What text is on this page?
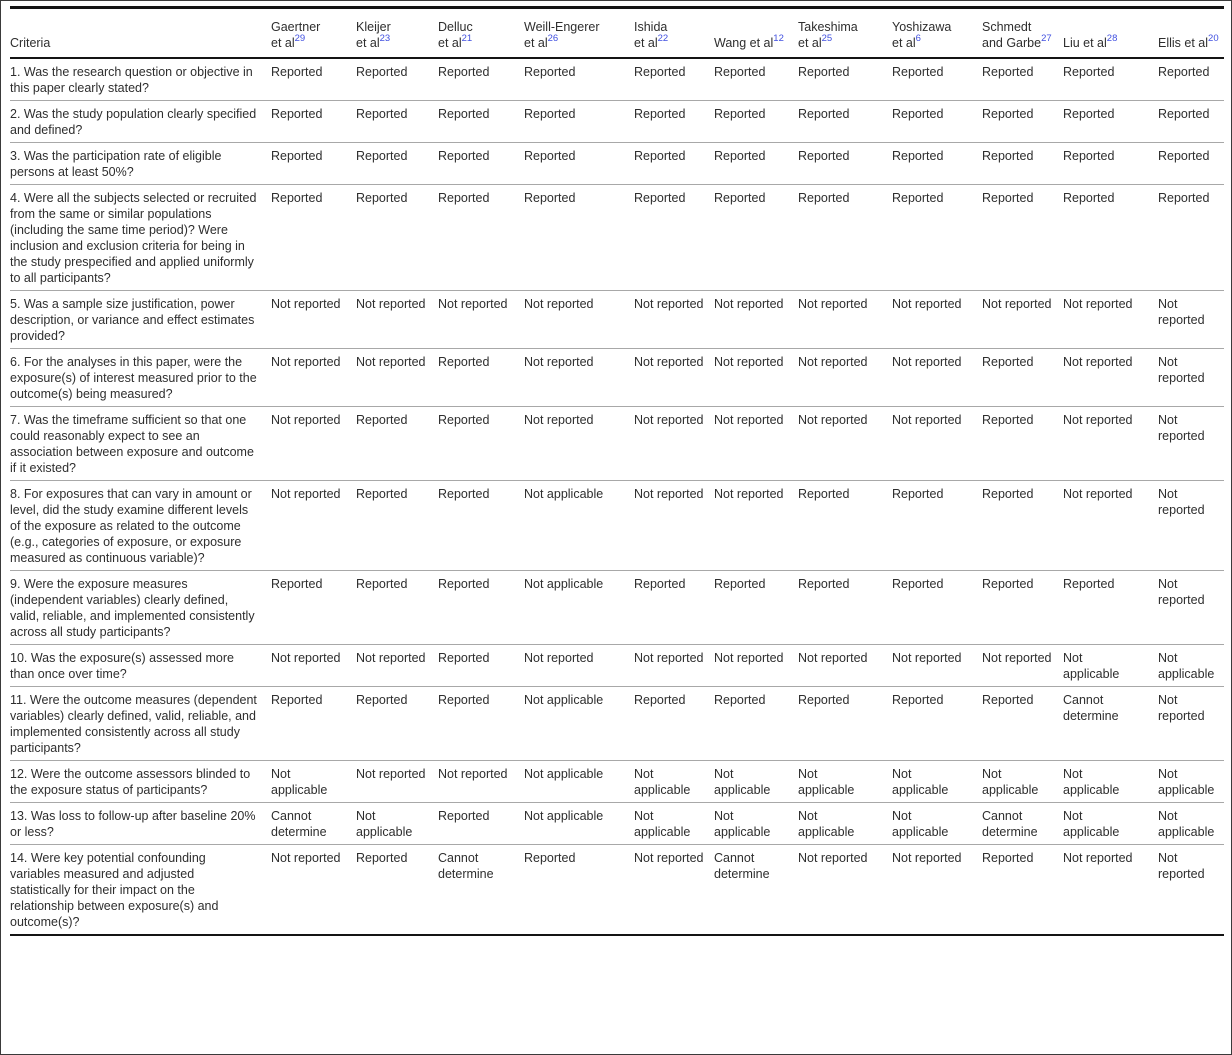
Criteria	Gaertner et $al^{29}$	Kleijer et $al^{23}$	Delluc et $al^{21}$	Weill-Engerer et $al^{26}$	Ishida et $al^{22}$	Wang et $al^{12}$	Takeshima et $al^{25}$	Yoshizawa et $al^6$	Schmedt and Garbe$^{27}$	Liu et $al^{28}$	Ellis et $al^{20}$
1. Was the research question or objective in this paper clearly stated?	Reported	Reported	Reported	Reported	Reported	Reported	Reported	Reported	Reported	Reported	Reported
2. Was the study population clearly specified and defined?	Reported	Reported	Reported	Reported	Reported	Reported	Reported	Reported	Reported	Reported	Reported
3. Was the participation rate of eligible persons at least 50%?	Reported	Reported	Reported	Reported	Reported	Reported	Reported	Reported	Reported	Reported	Reported
4. Were all the subjects selected or recruited from the same or similar populations (including the same time period)? Were inclusion and exclusion criteria for being in the study prespecified and applied uniformly to all participants?	Reported	Reported	Reported	Reported	Reported	Reported	Reported	Reported	Reported	Reported	Reported
5. Was a sample size justification, power description, or variance and effect estimates provided?	Not reported	Not reported	Not reported	Not reported	Not reported	Not reported	Not reported	Not reported	Not reported	Not reported	Not reported
6. For the analyses in this paper, were the exposure(s) of interest measured prior to the outcome(s) being measured?	Not reported	Not reported	Reported	Not reported	Not reported	Not reported	Not reported	Not reported	Reported	Not reported	Not reported
7. Was the timeframe sufficient so that one could reasonably expect to see an association between exposure and outcome if it existed?	Not reported	Reported	Reported	Not reported	Not reported	Not reported	Not reported	Not reported	Reported	Not reported	Not reported
8. For exposures that can vary in amount or level, did the study examine different levels of the exposure as related to the outcome (e.g., categories of exposure, or exposure measured as continuous variable)?	Not reported	Reported	Reported	Not applicable	Not reported	Not reported	Reported	Reported	Reported	Not reported	Not reported
9. Were the exposure measures (independent variables) clearly defined, valid, reliable, and implemented consistently across all study participants?	Reported	Reported	Reported	Not applicable	Reported	Reported	Reported	Reported	Reported	Reported	Not reported
10. Was the exposure(s) assessed more than once over time?	Not reported	Not reported	Reported	Not reported	Not reported	Not reported	Not reported	Not reported	Not reported	Not applicable	Not applicable
11. Were the outcome measures (dependent variables) clearly defined, valid, reliable, and implemented consistently across all study participants?	Reported	Reported	Reported	Not applicable	Reported	Reported	Reported	Reported	Reported	Cannot determine	Not reported
12. Were the outcome assessors blinded to the exposure status of participants?	Not applicable	Not reported	Not reported	Not applicable	Not applicable	Not applicable	Not applicable	Not applicable	Not applicable	Not applicable	Not applicable
13. Was loss to follow-up after baseline 20% or less?	Cannot determine	Not applicable	Reported	Not applicable	Not applicable	Not applicable	Not applicable	Not applicable	Cannot determine	Not applicable	Not applicable
14. Were key potential confounding variables measured and adjusted statistically for their impact on the relationship between exposure(s) and outcome(s)?	Not reported	Reported	Cannot determine	Reported	Not reported	Cannot determine	Not reported	Not reported	Reported	Not reported	Not reported
